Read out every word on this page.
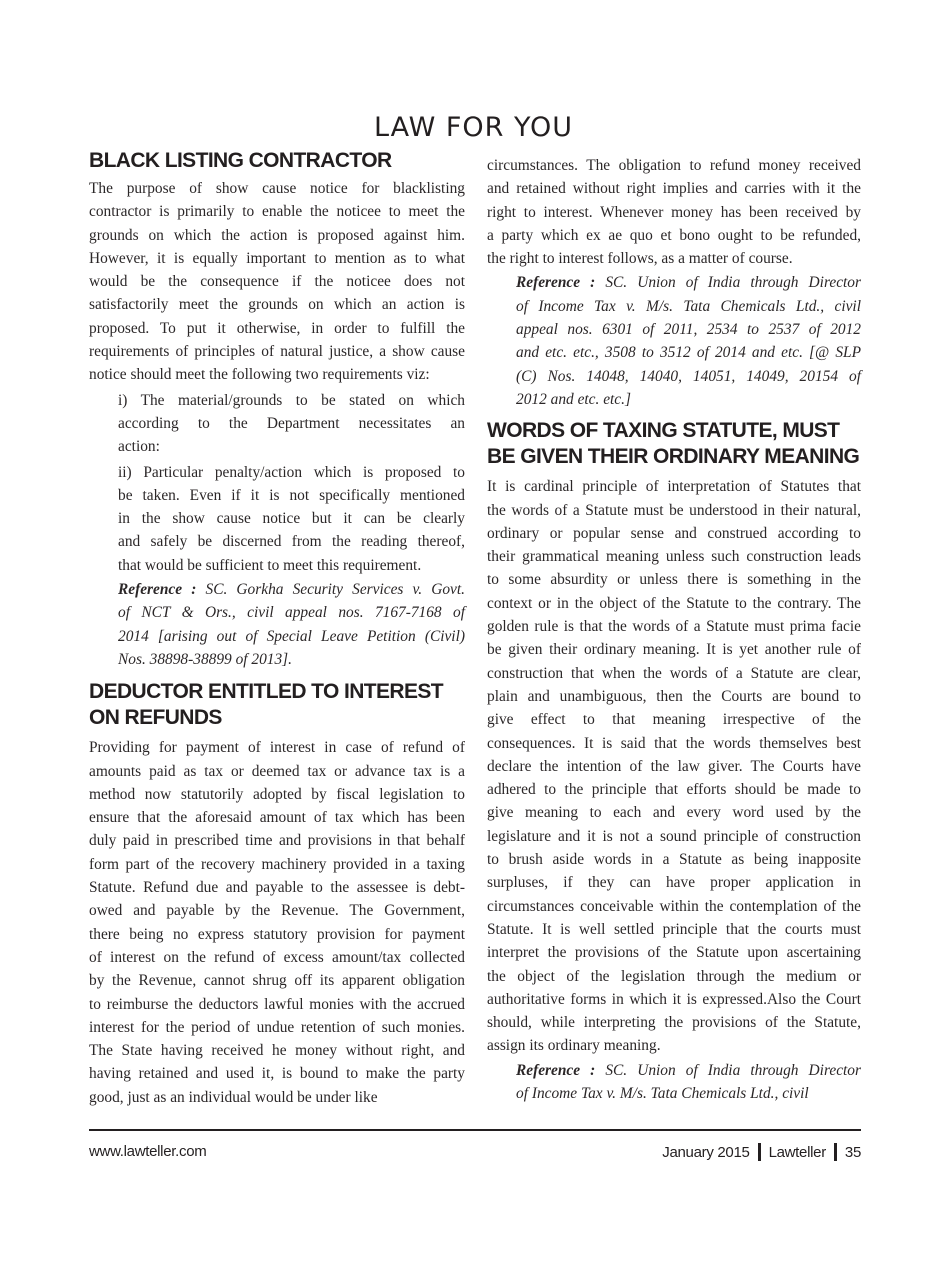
LAW FOR YOU
BLACK LISTING CONTRACTOR
The purpose of show cause notice for blacklisting
contractor is primarily to enable the noticee to meet the
grounds on which the action is proposed against him.
However, it is equally important to mention as to what
would be the consequence if the noticee does not
satisfactorily meet the grounds on which an action is
proposed. To put it otherwise, in order to fulfill the
requirements of principles of natural justice, a show cause
notice should meet the following two requirements viz:
i) The material/grounds to be stated on which
according to the Department necessitates an
action:
ii) Particular penalty/action which is proposed to
be taken. Even if it is not specifically mentioned
in the show cause notice but it can be clearly
and safely be discerned from the reading thereof,
that would be sufficient to meet this requirement.
Reference : SC. Gorkha Security Services v. Govt.
of NCT & Ors., civil appeal nos. 7167-7168 of
2014 [arising out of Special Leave Petition (Civil)
Nos. 38898-38899 of 2013].
DEDUCTOR ENTITLED TO INTEREST
ON REFUNDS
Providing for payment of interest in case of refund of
amounts paid as tax or deemed tax or advance tax is a
method now statutorily adopted by fiscal legislation to
ensure that the aforesaid amount of tax which has been
duly paid in prescribed time and provisions in that behalf
form part of the recovery machinery provided in a taxing
Statute. Refund due and payable to the assessee is debt-
owed and payable by the Revenue. The Government,
there being no express statutory provision for payment
of interest on the refund of excess amount/tax collected
by the Revenue, cannot shrug off its apparent obligation
to reimburse the deductors lawful monies with the accrued
interest for the period of undue retention of such monies.
The State having received he money without right, and
having retained and used it, is bound to make the party
good, just as an individual would be under like
circumstances. The obligation to refund money received
and retained without right implies and carries with it the
right to interest. Whenever money has been received by
a party which ex ae quo et bono ought to be refunded,
the right to interest follows, as a matter of course.
Reference : SC. Union of India through Director
of Income Tax v. M/s. Tata Chemicals Ltd., civil
appeal nos. 6301 of 2011, 2534 to 2537 of 2012
and etc. etc., 3508 to 3512 of 2014 and etc. [@ SLP
(C) Nos. 14048, 14040, 14051, 14049, 20154 of
2012 and etc. etc.]
WORDS OF TAXING STATUTE, MUST
BE GIVEN THEIR ORDINARY MEANING
It is cardinal principle of interpretation of Statutes that
the words of a Statute must be understood in their natural,
ordinary or popular sense and construed according to
their grammatical meaning unless such construction leads
to some absurdity or unless there is something in the
context or in the object of the Statute to the contrary. The
golden rule is that the words of a Statute must prima facie
be given their ordinary meaning. It is yet another rule of
construction that when the words of a Statute are clear,
plain and unambiguous, then the Courts are bound to
give effect to that meaning irrespective of the
consequences. It is said that the words themselves best
declare the intention of the law giver. The Courts have
adhered to the principle that efforts should be made to
give meaning to each and every word used by the
legislature and it is not a sound principle of construction
to brush aside words in a Statute as being inapposite
surpluses, if they can have proper application in
circumstances conceivable within the contemplation of the
Statute. It is well settled principle that the courts must
interpret the provisions of the Statute upon ascertaining
the object of the legislation through the medium or
authoritative forms in which it is expressed.Also the Court
should, while interpreting the provisions of the Statute,
assign its ordinary meaning.
Reference : SC. Union of India through Director
of Income Tax v. M/s. Tata Chemicals Ltd., civil
www.lawteller.com	January 2015 Lawteller 35
